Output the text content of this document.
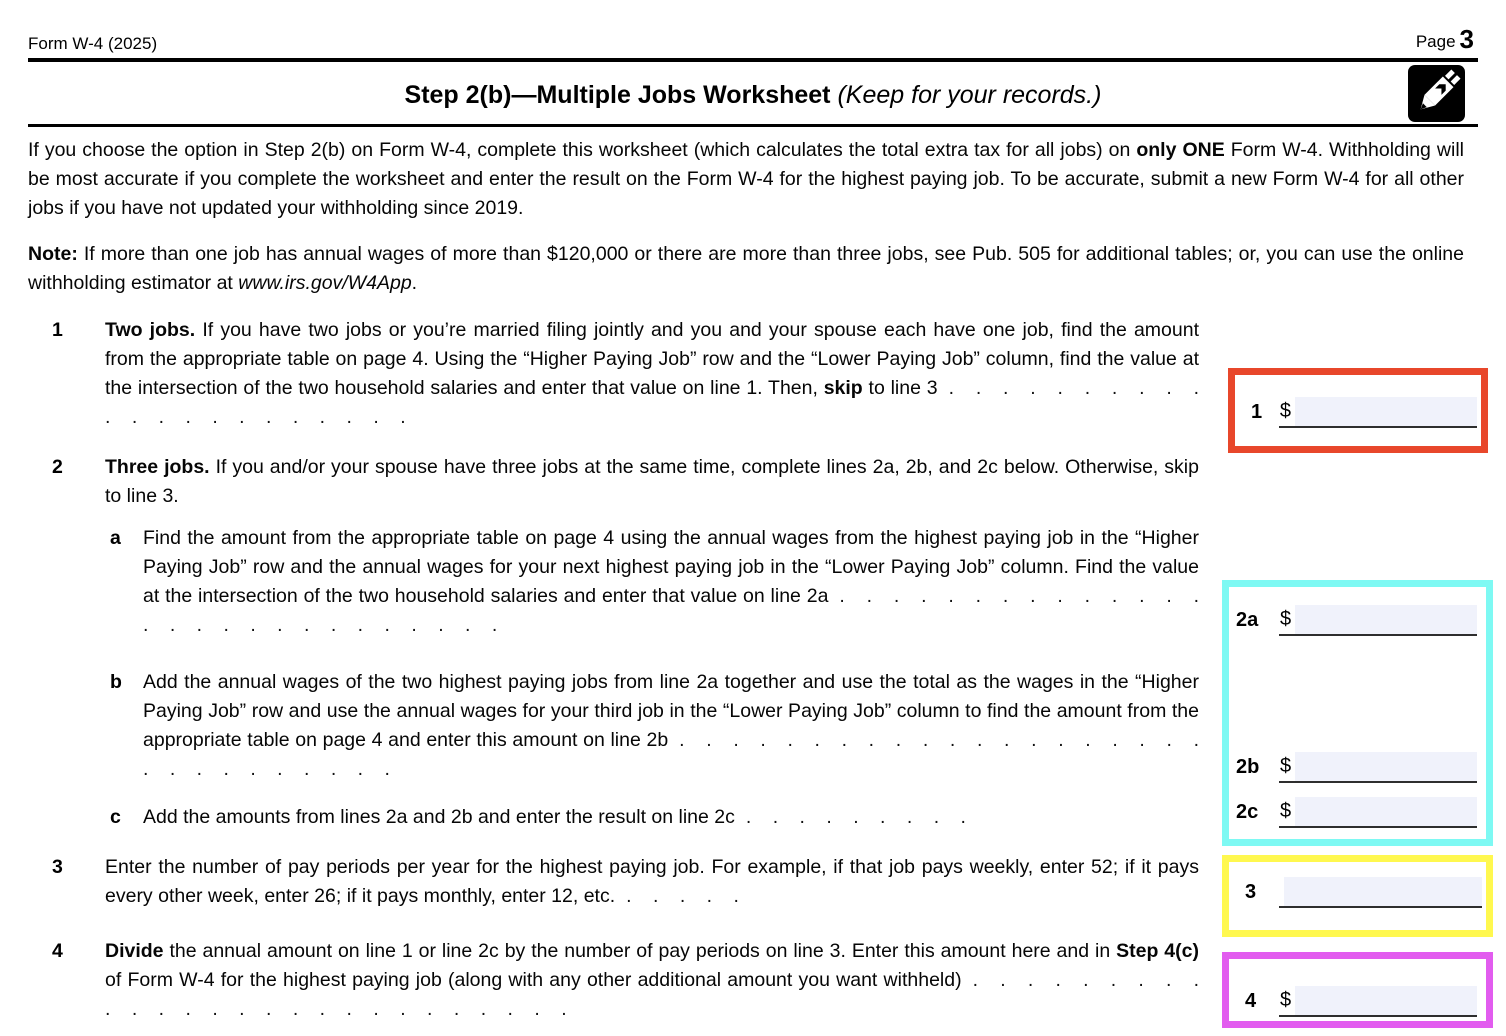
Form W-4 (2025)	Page 3
Step 2(b)—Multiple Jobs Worksheet (Keep for your records.)

If you choose the option in Step 2(b) on Form W-4, complete this worksheet (which calculates the total extra tax for all jobs) on only ONE Form W-4. Withholding will be most accurate if you complete the worksheet and enter the result on the Form W-4 for the highest paying job. To be accurate, submit a new Form W-4 for all other jobs if you have not updated your withholding since 2019.

Note: If more than one job has annual wages of more than $120,000 or there are more than three jobs, see Pub. 505 for additional tables; or, you can use the online withholding estimator at www.irs.gov/W4App.

1 Two jobs. If you have two jobs or you’re married filing jointly and you and your spouse each have one job, find the amount from the appropriate table on page 4. Using the “Higher Paying Job” row and the “Lower Paying Job” column, find the value at the intersection of the two household salaries and enter that value on line 1. Then, skip to line 3 . . . . . . . . . . . . . . . . . . . . . .

2 Three jobs. If you and/or your spouse have three jobs at the same time, complete lines 2a, 2b, and 2c below. Otherwise, skip to line 3.

a Find the amount from the appropriate table on page 4 using the annual wages from the highest paying job in the “Higher Paying Job” row and the annual wages for your next highest paying job in the “Lower Paying Job” column. Find the value at the intersection of the two household salaries and enter that value on line 2a . . . . . . . . . . . . . . . . . . . . . . . . . . . .

b Add the annual wages of the two highest paying jobs from line 2a together and use the total as the wages in the “Higher Paying Job” row and use the annual wages for your third job in the “Lower Paying Job” column to find the amount from the appropriate table on page 4 and enter this amount on line 2b . . . . . . . . . . . . . . . . . . . . . . . . . . . . . .

c Add the amounts from lines 2a and 2b and enter the result on line 2c . . . . . . . . .

3 Enter the number of pay periods per year for the highest paying job. For example, if that job pays weekly, enter 52; if it pays every other week, enter 26; if it pays monthly, enter 12, etc. . . . . .

4 Divide the annual amount on line 1 or line 2c by the number of pay periods on line 3. Enter this amount here and in Step 4(c) of Form W-4 for the highest paying job (along with any other additional amount you want withheld) . . . . . . . . . . . . . . . . . . . . . . . . . . .

1 $
2a	$
2b	$
2c	$
3
4	$
